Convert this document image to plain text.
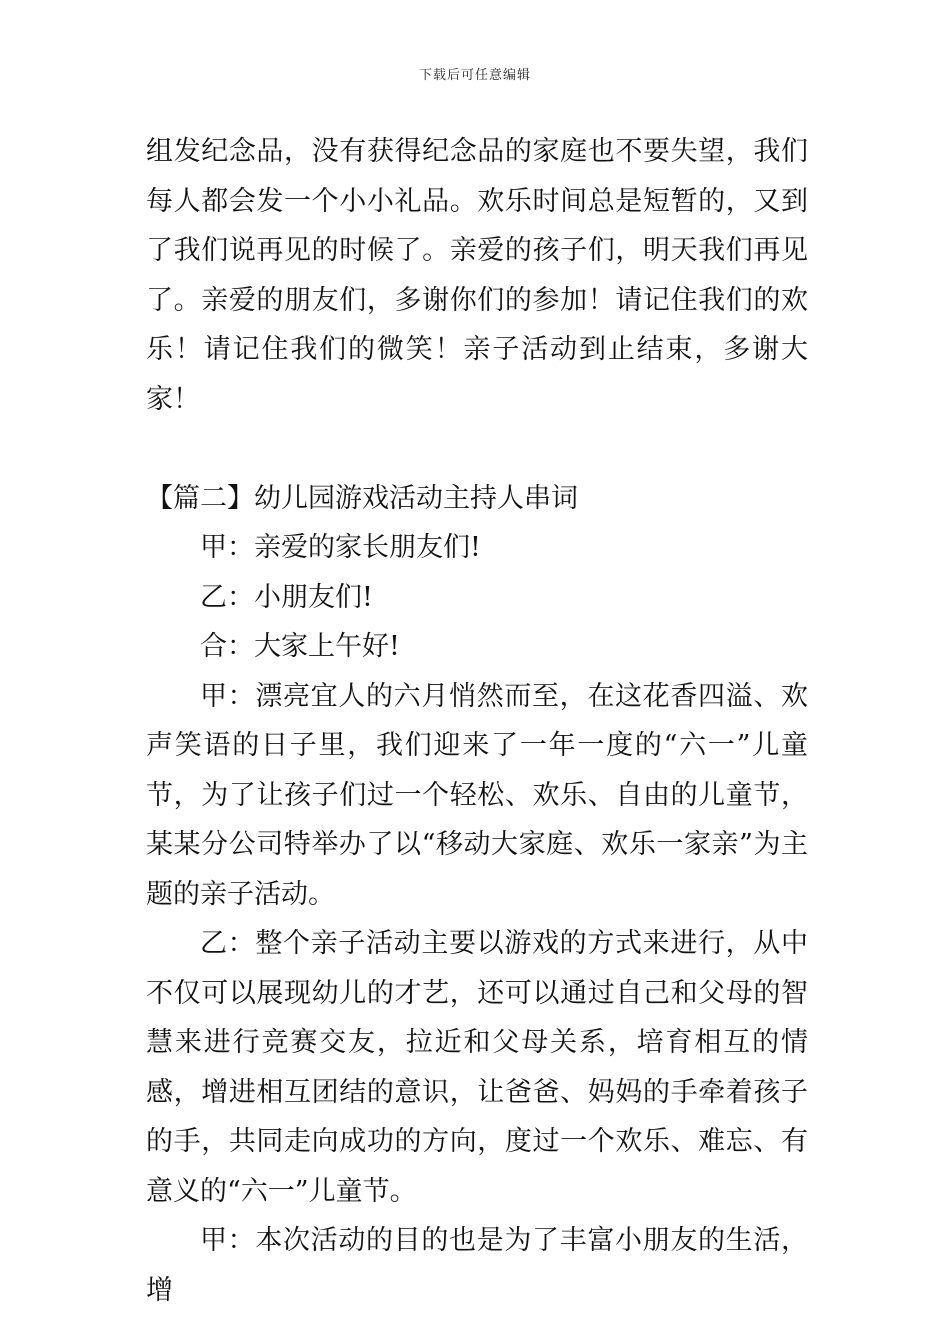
下载后可任意编辑

组发纪念品，没有获得纪念品的家庭也不要失望，我们每人都会发一个小小礼品。欢乐时间总是短暂的，又到了我们说再见的时候了。亲爱的孩子们，明天我们再见了。亲爱的朋友们，多谢你们的参加！请记住我们的欢乐！请记住我们的微笑！亲子活动到止结束，多谢大家！

【篇二】幼儿园游戏活动主持人串词

甲：亲爱的家长朋友们!

乙：小朋友们!

合：大家上午好!

甲：漂亮宜人的六月悄然而至，在这花香四溢、欢声笑语的日子里，我们迎来了一年一度的“六一”儿童节，为了让孩子们过一个轻松、欢乐、自由的儿童节，某某分公司特举办了以“移动大家庭、欢乐一家亲”为主题的亲子活动。

乙：整个亲子活动主要以游戏的方式来进行，从中不仅可以展现幼儿的才艺，还可以通过自己和父母的智慧来进行竞赛交友，拉近和父母关系，培育相互的情感，增进相互团结的意识，让爸爸、妈妈的手牵着孩子的手，共同走向成功的方向，度过一个欢乐、难忘、有意义的“六一”儿童节。

甲：本次活动的目的也是为了丰富小朋友的生活，增
